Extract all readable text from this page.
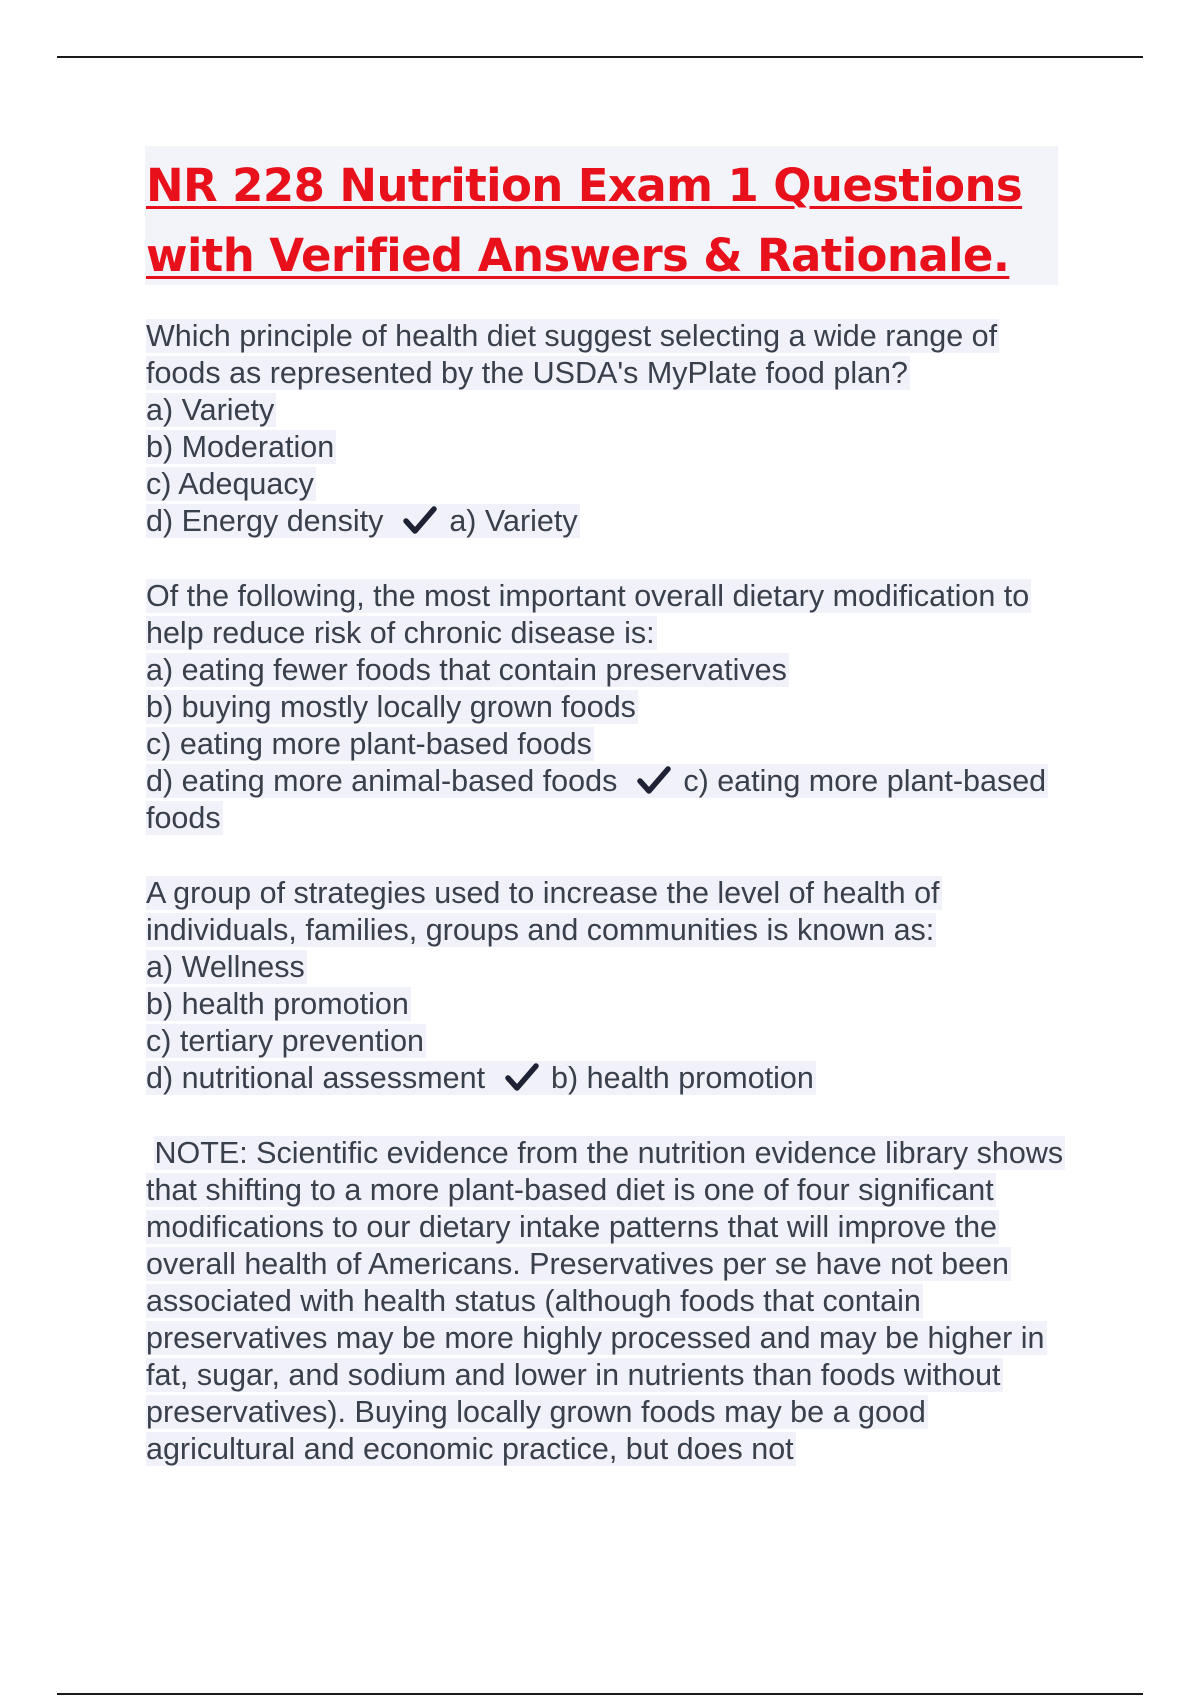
NR 228 Nutrition Exam 1 Questions with Verified Answers & Rationale.
Which principle of health diet suggest selecting a wide range of foods as represented by the USDA's MyPlate food plan?
a) Variety
b) Moderation
c) Adequacy
d) Energy density a) Variety
Of the following, the most important overall dietary modification to help reduce risk of chronic disease is:
a) eating fewer foods that contain preservatives
b) buying mostly locally grown foods
c) eating more plant-based foods
d) eating more animal-based foods c) eating more plant-based foods
A group of strategies used to increase the level of health of individuals, families, groups and communities is known as:
a) Wellness
b) health promotion
c) tertiary prevention
d) nutritional assessment b) health promotion

NOTE: Scientific evidence from the nutrition evidence library shows that shifting to a more plant-based diet is one of four significant modifications to our dietary intake patterns that will improve the overall health of Americans. Preservatives per se have not been associated with health status (although foods that contain preservatives may be more highly processed and may be higher in fat, sugar, and sodium and lower in nutrients than foods without preservatives). Buying locally grown foods may be a good agricultural and economic practice, but does not
